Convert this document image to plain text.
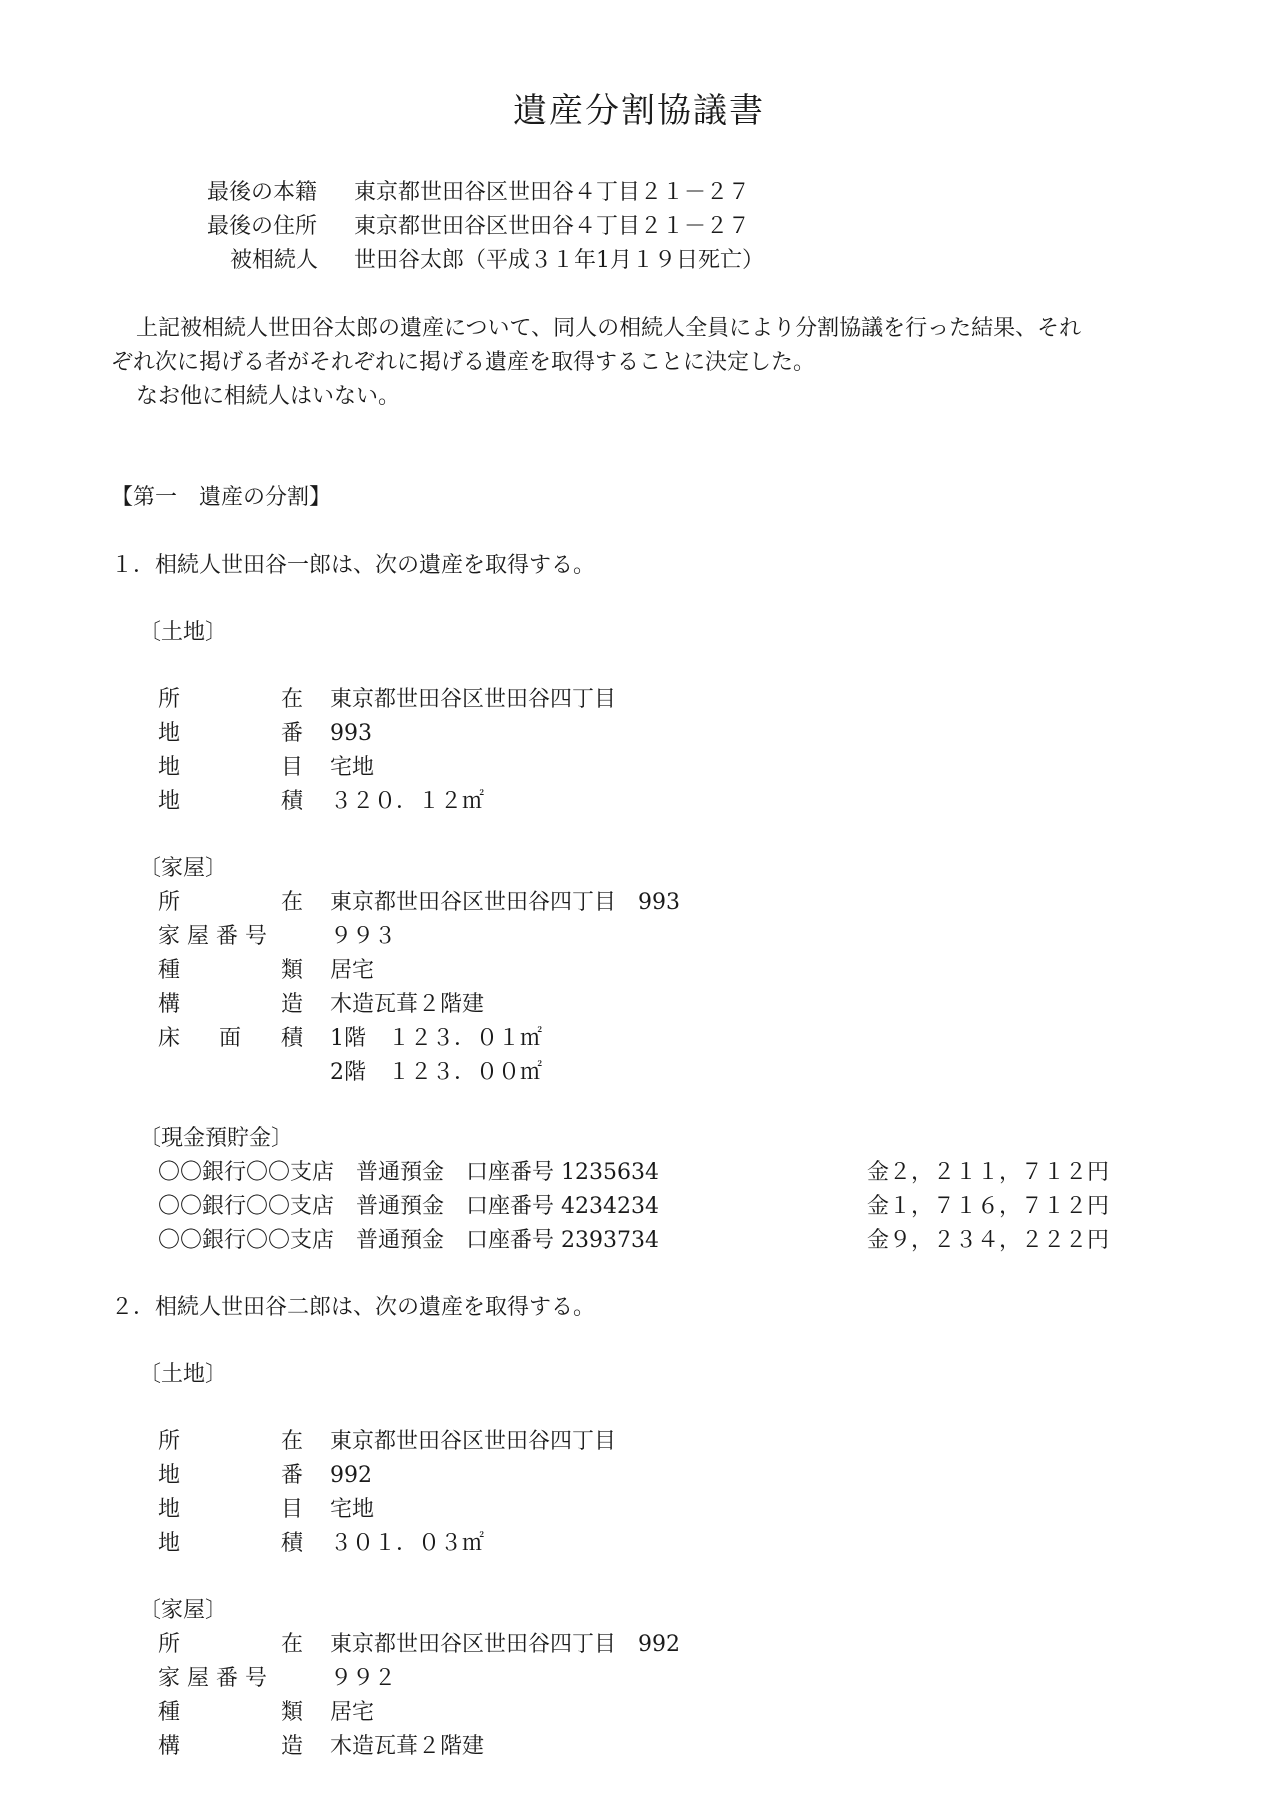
遺産分割協議書
最後の本籍 東京都世田谷区世田谷４丁目２１－２７
最後の住所 東京都世田谷区世田谷４丁目２１－２７
被相続人 世田谷太郎（平成３１年1月１９日死亡）
上記被相続人世田谷太郎の遺産について、同人の相続人全員により分割協議を行った結果、それ
ぞれ次に掲げる者がそれぞれに掲げる遺産を取得することに決定した。
なお他に相続人はいない。
【第一　遺産の分割】
１．相続人世田谷一郎は、次の遺産を取得する。
〔土地〕
所	在 東京都世田谷区世田谷四丁目
地	番 993
地	目 宅地
地	積 ３２０．１２㎡
〔家屋〕
所	在 東京都世田谷区世田谷四丁目　993
家 屋 番 号	９９３
種	類 居宅
構	造 木造瓦葺２階建
床 面 積 1階　１２３．０１㎡
2階　１２３．００㎡
〔現金預貯金〕
〇〇銀行〇〇支店　普通預金　口座番号 1235634	金２，２１１，７１２円
〇〇銀行〇〇支店　普通預金　口座番号 4234234	金１，７１６，７１２円
〇〇銀行〇〇支店　普通預金　口座番号 2393734	金９，２３４，２２２円
２．相続人世田谷二郎は、次の遺産を取得する。
〔土地〕
所	在 東京都世田谷区世田谷四丁目
地	番 992
地	目 宅地
地	積 ３０１．０３㎡
〔家屋〕
所	在 東京都世田谷区世田谷四丁目　992
家 屋 番 号	９９２
種	類 居宅
構	造 木造瓦葺２階建
